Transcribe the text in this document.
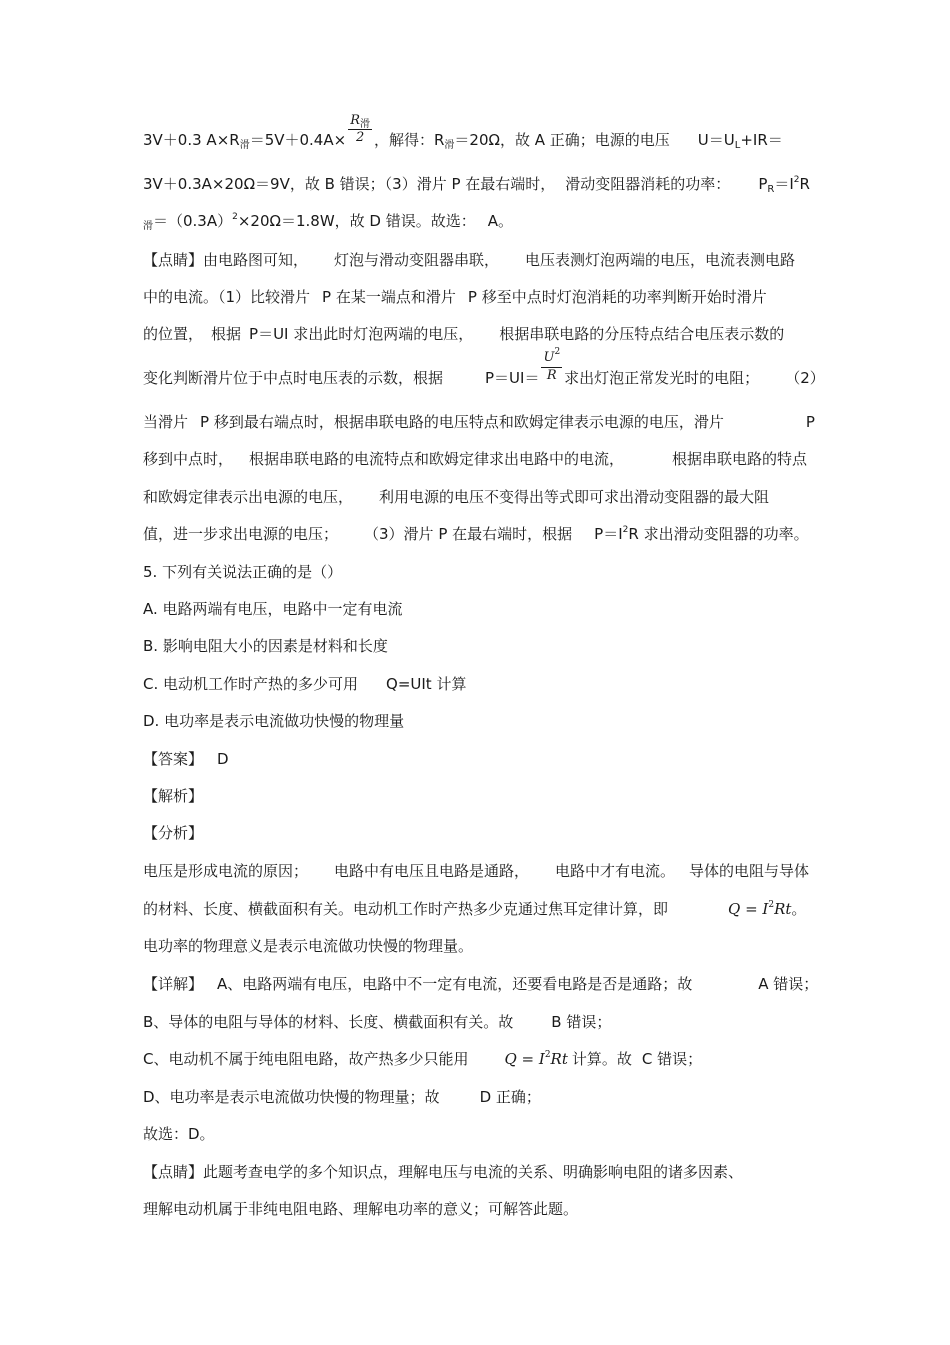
3V＋0.3 $A\times R_滑=5V+0.4A\times \frac{R_滑}{2}$ ，解得：$R_滑=20\Omega$，故 A 正确；电源的电压 $U=U_L+IR=$
3V＋0.3A×20Ω＝9V，故 B 错误；（3）滑片 P 在最右端时， 滑动变阻器消耗的功率： $P_R=I^2R$
$_滑=(0.3A)^2\times 20\Omega=1.8W$，故 D 错误。故选： A。
【点睛】由电路图可知， 灯泡与滑动变阻器串联， 电压表测灯泡两端的电压，电流表测电路
中的电流。（1）比较滑片 P 在某一端点和滑片 P 移至中点时灯泡消耗的功率判断开始时滑片
的位置， 根据 P＝UI 求出此时灯泡两端的电压， 根据串联电路的分压特点结合电压表示数的
变化判断滑片位于中点时电压表的示数，根据	$P=UI= \frac{U^2}{R}$ 求出灯泡正常发光时的电阻； （2）
当滑片 P 移到最右端点时，根据串联电路的电压特点和欧姆定律表示电源的电压，滑片	P
移到中点时， 根据串联电路的电流特点和欧姆定律求出电路中的电流，	根据串联电路的特点
和欧姆定律表示出电源的电压， 利用电源的电压不变得出等式即可求出滑动变阻器的最大阻
值，进一步求出电源的电压； （3）滑片 P 在最右端时，根据 $P=I^2R$ 求出滑动变阻器的功率。
5. 下列有关说法正确的是（）
A. 电路两端有电压，电路中一定有电流
B. 影响电阻大小的因素是材料和长度
C. 电动机工作时产热的多少可用 Q=UIt 计算
D. 电功率是表示电流做功快慢的物理量
【答案】 D
【解析】
【分析】
电压是形成电流的原因； 电路中有电压且电路是通路， 电路中才有电流。 导体的电阻与导体
的材料、长度、横截面积有关。电动机工作时产热多少克通过焦耳定律计算，即	$Q = I^2Rt$。
电功率的物理意义是表示电流做功快慢的物理量。
【详解】 A、电路两端有电压，电路中不一定有电流，还要看电路是否是通路；故	A 错误；
B、导体的电阻与导体的材料、长度、横截面积有关。故	B 错误；
C、电动机不属于纯电阻电路，故产热多少只能用 $Q = I^2Rt$ 计算。故 C 错误；
D、电功率是表示电流做功快慢的物理量；故	D 正确；
故选：D。
【点睛】此题考查电学的多个知识点，理解电压与电流的关系、明确影响电阻的诸多因素、
理解电动机属于非纯电阻电路、理解电功率的意义；可解答此题。
